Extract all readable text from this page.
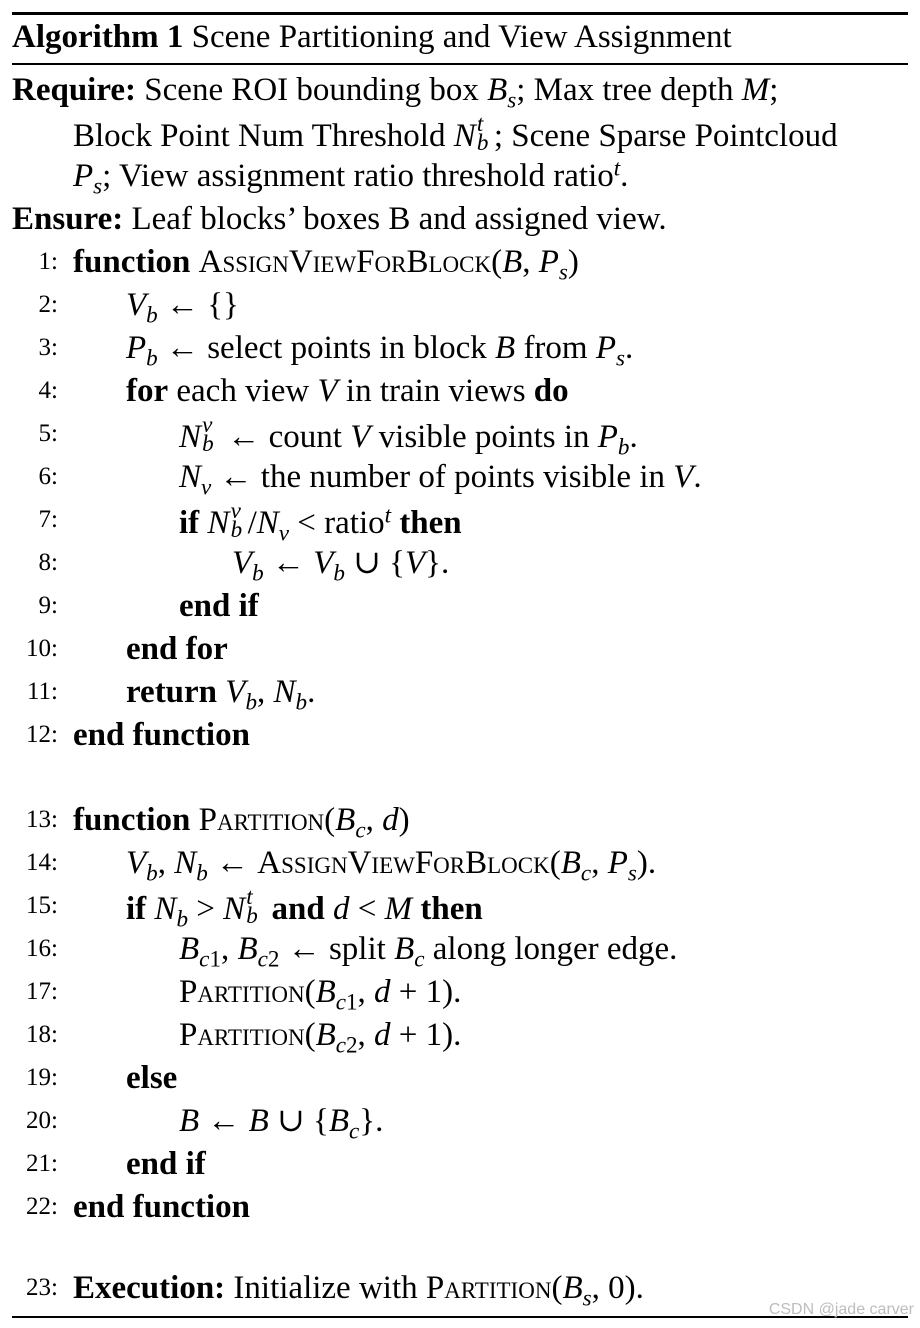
Algorithm 1 Scene Partitioning and View Assignment
Require: Scene ROI bounding box $B_s$; Max tree depth M;
Block Point Num Threshold N t
b ; Scene Sparse Pointcloud
$P_s$; View assignment ratio threshold ratio$^t$.
Ensure: Leaf blocks’ boxes B and assigned view.
1: function AssignViewForBlock(B, $P_s$)
2: $V_b$ ← {}
3: $P_b$ ← select points in block B from $P_s$.
4: for each view V in train views do
5:	N v
b ← count V visible points in $P_b$.
6:	$N_v$ ← the number of points visible in V.
7:	if N v
b $/N_v$ < ratio$^t$ then
8:	$V_b$ ← $V_b$ ∪ {V}.
9:	end if
10: end for
11: return $V_b$, $N_b$.
12: end function
13: function $Partition(B_c$, d)
14: $V_b$, $N_b$ ← $AssignViewForBlock(B_c$, $P_s$).
15: if $N_b > N$ t
b and d < M then
16:	$B_{c1}$, $B_{c2}$ ← split $B_c$ along longer edge.
17:	$Partition(B_{c1}$, d + 1).
18:	$Partition(B_{c2}$, d + 1).
19: else
20:	B ← B ∪ $\{B_c\}$.
21: end if
22: end function
23: Execution: Initialize with $Partition(B_s$, 0).
CSDN @jade carver
